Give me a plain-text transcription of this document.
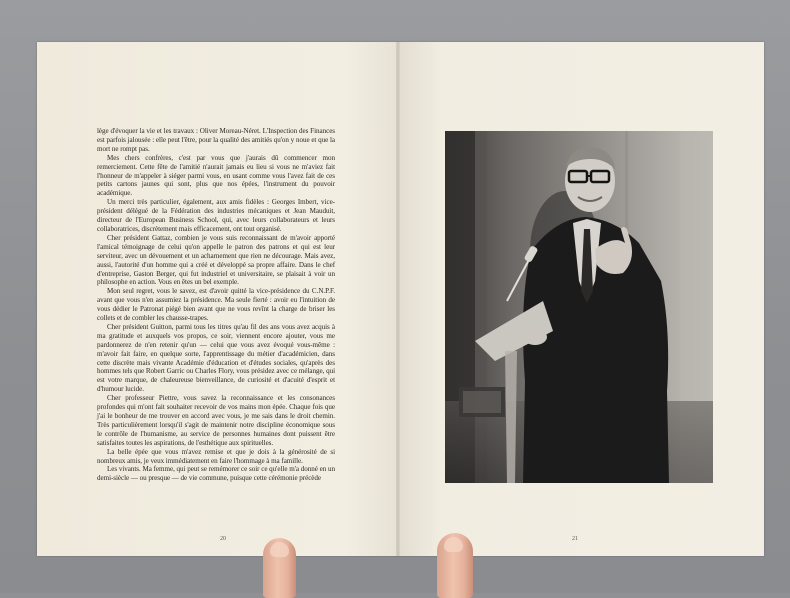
lège d'évoquer la vie et les travaux : Oliver Moreau-Néret. L'Inspection des Finances est parfois jalousée : elle peut l'être, pour la qualité des amitiés qu'on y noue et que la mort ne rompt pas.

Mes chers confrères, c'est par vous que j'aurais dû commencer mon remerciement. Cette fête de l'amitié n'aurait jamais eu lieu si vous ne m'aviez fait l'honneur de m'appeler à siéger parmi vous, en usant comme vous l'avez fait de ces petits cartons jaunes qui sont, plus que nos épées, l'instrument du pouvoir académique.

Un merci très particulier, également, aux amis fidèles : Georges Imbert, vice-président délégué de la Fédération des industries mécaniques et Jean Mauduit, directeur de l'European Business School, qui, avec leurs collaborateurs et leurs collaboratrices, discrètement mais efficacement, ont tout organisé.

Cher président Gattaz, combien je vous suis reconnaissant de m'avoir apporté l'amical témoignage de celui qu'on appelle le patron des patrons et qui est leur serviteur, avec un dévouement et un acharnement que rien ne décourage. Mais avez, aussi, l'autorité d'un homme qui a créé et développé sa propre affaire. Dans le chef d'entreprise, Gaston Berger, qui fut industriel et universitaire, se plaisait à voir un philosophe en action. Vous en êtes un bel exemple.

Mon seul regret, vous le savez, est d'avoir quitté la vice-présidence du C.N.P.F. avant que vous n'en assumiez la présidence. Ma seule fierté : avoir eu l'intuition de vous dédier le Patronat piégé bien avant que ne vous revînt la charge de briser les collets et de combler les chausse-trapes.

Cher président Guitton, parmi tous les titres qu'au fil des ans vous avez acquis à ma gratitude et auxquels vos propos, ce soir, viennent encore ajouter, vous me pardonnerez de n'en retenir qu'un — celui que vous avez évoqué vous-même : m'avoir fait faire, en quelque sorte, l'apprentissage du métier d'académicien, dans cette discrète mais vivante Académie d'éducation et d'études sociales, qu'après des hommes tels que Robert Garric ou Charles Flory, vous présidez avec ce mélange, qui est votre marque, de chaleureuse bienveillance, de curiosité et d'acuité d'esprit et d'humour lucide.

Cher professeur Piettre, vous savez la reconnaissance et les consonances profondes qui m'ont fait souhaiter recevoir de vos mains mon épée. Chaque fois que j'ai le bonheur de me trouver en accord avec vous, je me sais dans le droit chemin. Très particulièrement lorsqu'il s'agit de maintenir notre discipline économique sous le contrôle de l'humanisme, au service de personnes humaines dont puissent être satisfaites toutes les aspirations, de l'esthétique aux spirituelles.

La belle épée que vous m'avez remise et que je dois à la générosité de si nombreux amis, je veux immédiatement en faire l'hommage à ma famille.

Les vivants. Ma femme, qui peut se remémorer ce soir ce qu'elle m'a donné en un demi-siècle — ou presque — de vie commune, puisque cette cérémonie précède

20	21
